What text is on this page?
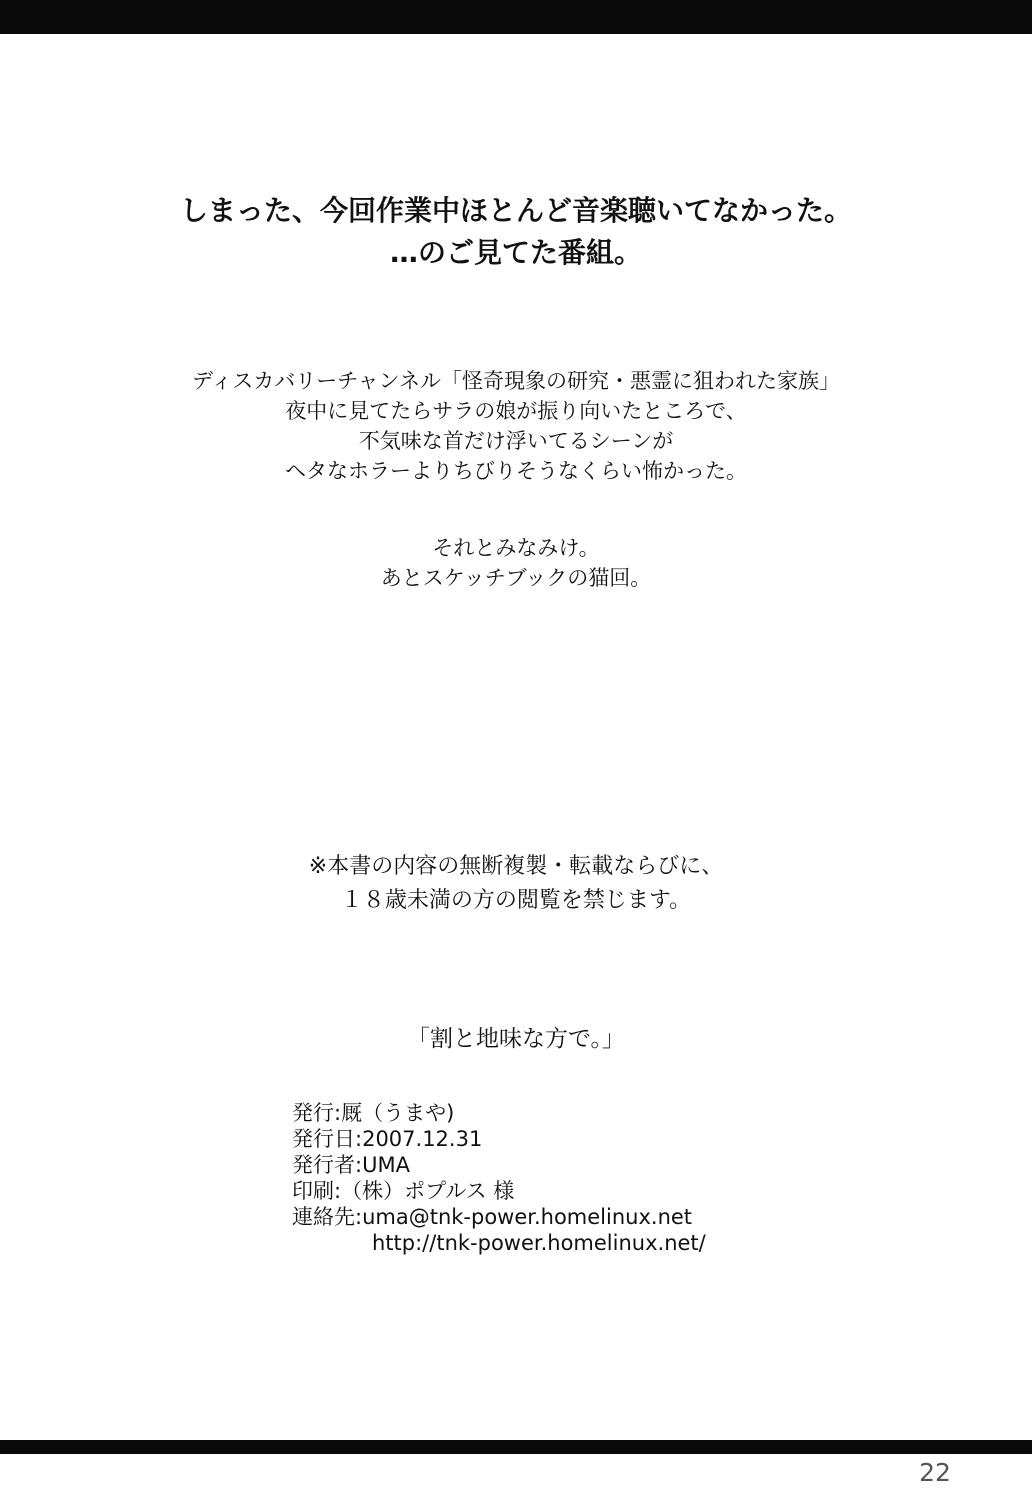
しまった、今回作業中ほとんど音楽聴いてなかった。
…のご見てた番組。
ディスカバリーチャンネル「怪奇現象の研究・悪霊に狙われた家族」
夜中に見てたらサラの娘が振り向いたところで、
不気味な首だけ浮いてるシーンが
ヘタなホラーよりちびりそうなくらい怖かった。
それとみなみけ。
あとスケッチブックの猫回。
※本書の内容の無断複製・転載ならびに、
１８歳未満の方の閲覧を禁じます。
「割と地味な方で。」
発行: 厩（うまや)
発行日: 2007.12.31
発行者: UMA
印刷: （株）ポプルス 様
連絡先: uma@tnk-power.homelinux.net
http://tnk-power.homelinux.net/
22
